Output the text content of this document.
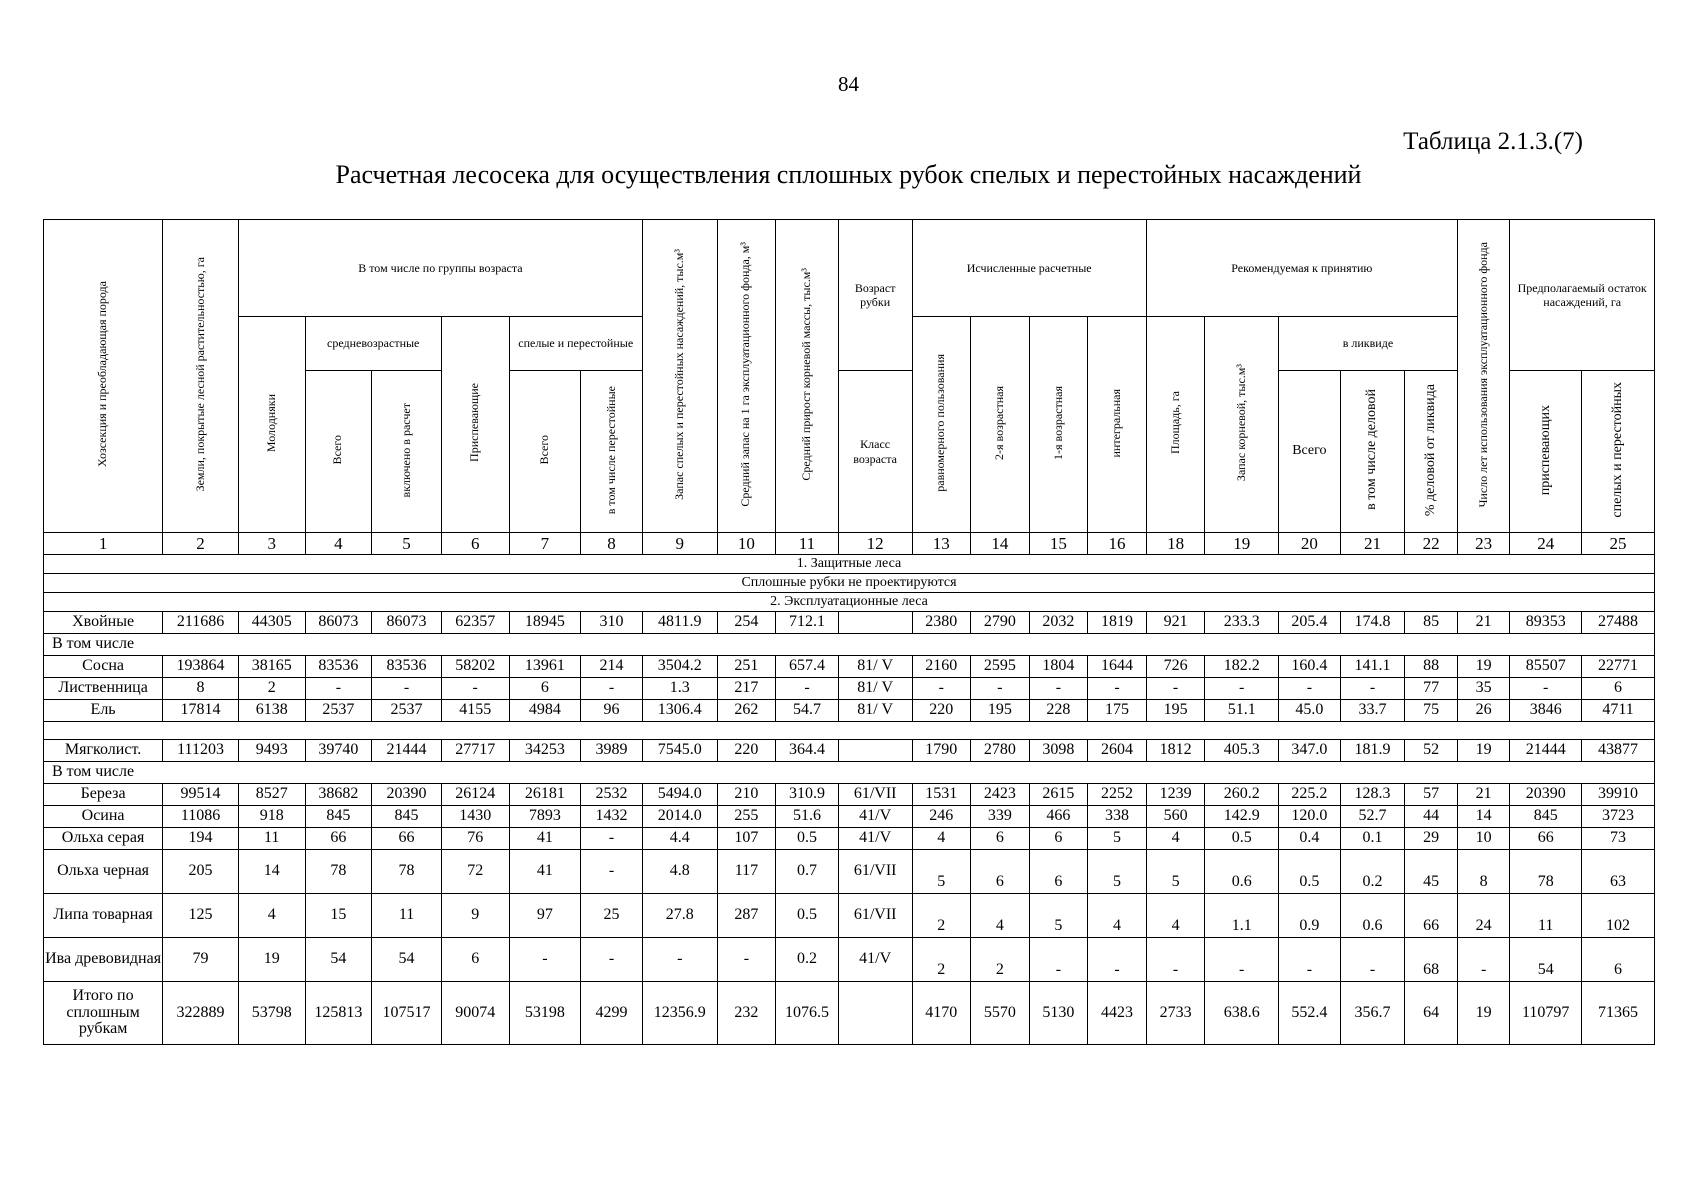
84
Таблица 2.1.3.(7)
Расчетная лесосека для осуществления сплошных рубок спелых и перестойных насаждений
Хозсекция и преобладающая порода	Земли, покрытые лесной растительностью, га	В том числе по группы возраста						Запас спелых и перестойных насаждений, тыс.м³	Средний запас на 1 га эксплуатационного фонда, м³	Средний прирост корневой массы, тыс.м³	Возраст рубки	Исчисленные расчетные				Рекомендуемая к принятию					Число лет использования эксплуатационного фонда	Предполагаемый остаток насаждений, га	
		Молодняки	средневозрастные		Приспевающие	спелые и перестойные						равномерного пользования	2-я возрастная	1-я возрастная	интегральная	Площадь, га	Запас корневой, тыс.м³	в ликвиде					
			Всего	включено в расчет		Всего	в том числе перестойные				Класс возраста							Всего	в том числе деловой	% деловой от ликвида		приспевающих	спелых и перестойных
1	2	3	4	5	6	7	8	9	10	11	12	13	14	15	16	18	19	20	21	22	23	24	25
1. Защитные леса																							
Сплошные рубки не проектируются																							
2. Эксплуатационные леса																							
Хвойные	211686	44305	86073	86073	62357	18945	310	4811.9	254	712.1		2380	2790	2032	1819	921	233.3	205.4	174.8	85	21	89353	27488
В том числе																							
Сосна	193864	38165	83536	83536	58202	13961	214	3504.2	251	657.4	81/ V	2160	2595	1804	1644	726	182.2	160.4	141.1	88	19	85507	22771
Лиственница	8	2	-	-	-	6	-	1.3	217	-	81/ V	-	-	-	-	-	-	-	-	77	35	-	6
Ель	17814	6138	2537	2537	4155	4984	96	1306.4	262	54.7	81/ V	220	195	228	175	195	51.1	45.0	33.7	75	26	3846	4711

Мягколист.	111203	9493	39740	21444	27717	34253	3989	7545.0	220	364.4		1790	2780	3098	2604	1812	405.3	347.0	181.9	52	19	21444	43877
В том числе																							
Береза	99514	8527	38682	20390	26124	26181	2532	5494.0	210	310.9	61/VII	1531	2423	2615	2252	1239	260.2	225.2	128.3	57	21	20390	39910
Осина	11086	918	845	845	1430	7893	1432	2014.0	255	51.6	41/V	246	339	466	338	560	142.9	120.0	52.7	44	14	845	3723
Ольха серая	194	11	66	66	76	41	-	4.4	107	0.5	41/V	4	6	6	5	4	0.5	0.4	0.1	29	10	66	73
Ольха черная	205	14	78	78	72	41	-	4.8	117	0.7	61/VII	5	6	6	5	5	0.6	0.5	0.2	45	8	78	63
Липа товарная	125	4	15	11	9	97	25	27.8	287	0.5	61/VII	2	4	5	4	4	1.1	0.9	0.6	66	24	11	102
Ива древовидная	79	19	54	54	6	-	-	-	-	0.2	41/V	2	2	-	-	-	-	-	-	68	-	54	6
Итого по сплошным рубкам	322889	53798	125813	107517	90074	53198	4299	12356.9	232	1076.5		4170	5570	5130	4423	2733	638.6	552.4	356.7	64	19	110797	71365
